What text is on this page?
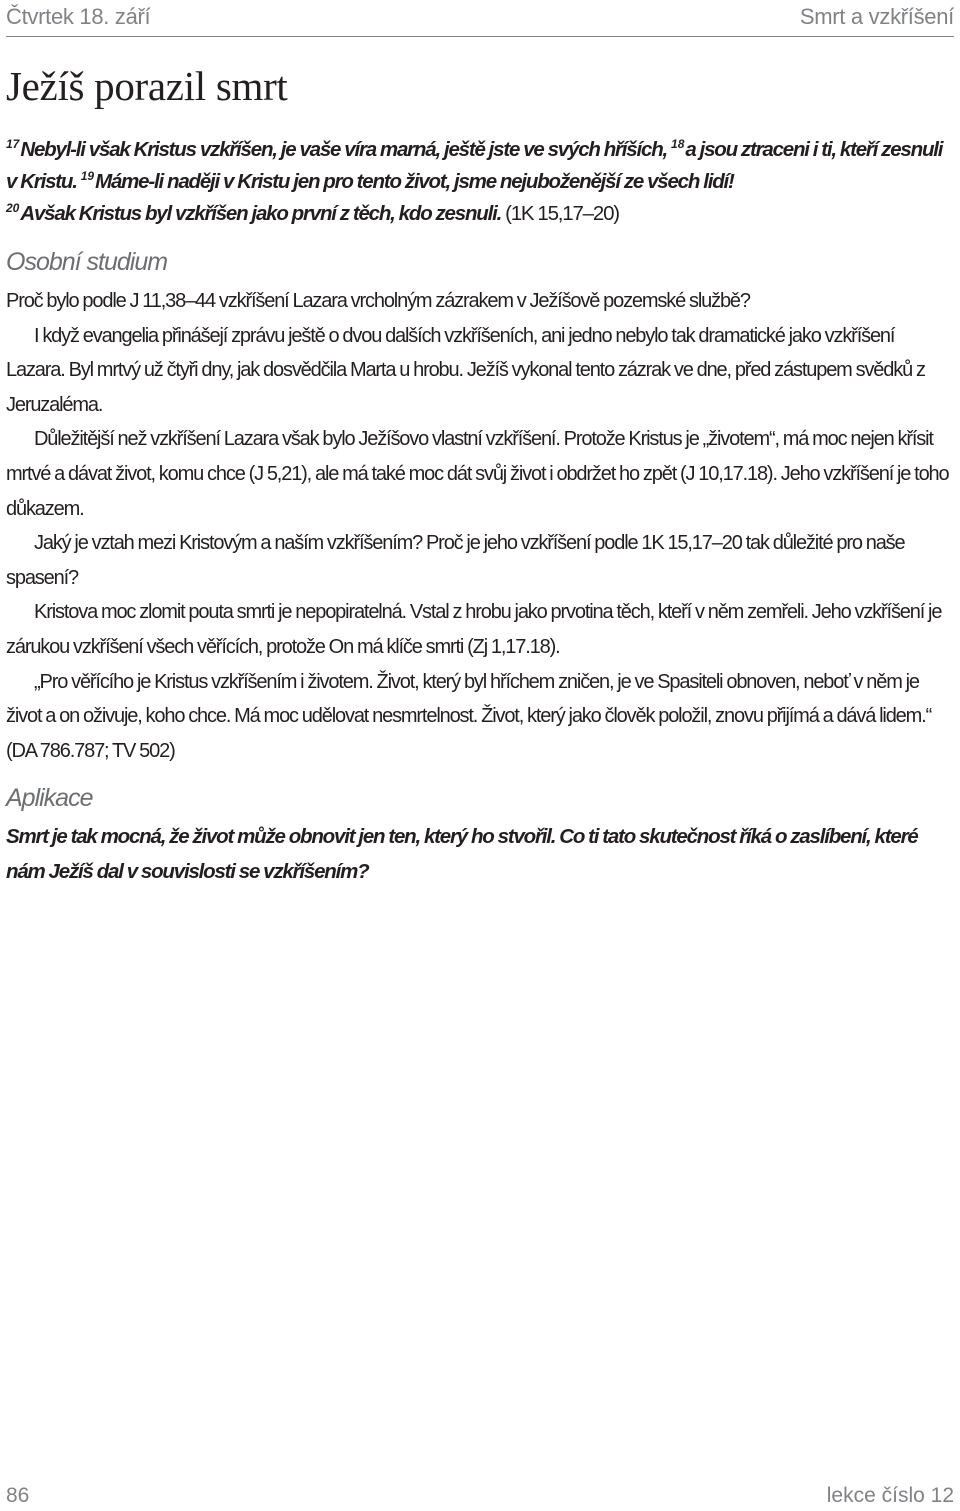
Čtvrtek 18. září	Smrt a vzkříšení
Ježíš porazil smrt

$^{17}$Nebyl-li však Kristus vzkříšen, je vaše víra marná, ještě jste ve svých hříších, $^{18}$a jsou ztraceni i ti, kteří zesnuli v Kristu. $^{19}$Máme-li naději v Kristu jen pro tento život, jsme nejuboženější ze všech lidí!
$^{20}$Avšak Kristus byl vzkříšen jako první z těch, kdo zesnuli. (1K 15,17–20)

Osobní studium

Proč bylo podle J 11,38–44 vzkříšení Lazara vrcholným zázrakem v Ježíšově pozemské službě?

I když evangelia přinášejí zprávu ještě o dvou dalších vzkříšeních, ani jedno nebylo tak dramatické jako vzkříšení Lazara. Byl mrtvý už čtyři dny, jak dosvědčila Marta u hrobu. Ježíš vykonal tento zázrak ve dne, před zástupem svědků z Jeruzaléma.

Důležitější než vzkříšení Lazara však bylo Ježíšovo vlastní vzkříšení. Protože Kristus je „životem“, má moc nejen křísit mrtvé a dávat život, komu chce (J 5,21), ale má také moc dát svůj život i obdržet ho zpět (J 10,17.18). Jeho vzkříšení je toho důkazem.

Jaký je vztah mezi Kristovým a naším vzkříšením? Proč je jeho vzkříšení podle 1K 15,17–20 tak důležité pro naše spasení?

Kristova moc zlomit pouta smrti je nepopiratelná. Vstal z hrobu jako prvotina těch, kteří v něm zemřeli. Jeho vzkříšení je zárukou vzkříšení všech věřících, protože On má klíče smrti (Zj 1,17.18).

„Pro věřícího je Kristus vzkříšením i životem. Život, který byl hříchem zničen, je ve Spasiteli obnoven, neboť v něm je život a on oživuje, koho chce. Má moc udělovat nesmrtelnost. Život, který jako člověk položil, znovu přijímá a dává lidem.“ (DA 786.787; TV 502)

Aplikace

Smrt je tak mocná, že život může obnovit jen ten, který ho stvořil. Co ti tato skutečnost říká o zaslíbení, které nám Ježíš dal v souvislosti se vzkříšením?

86	lekce číslo 12
